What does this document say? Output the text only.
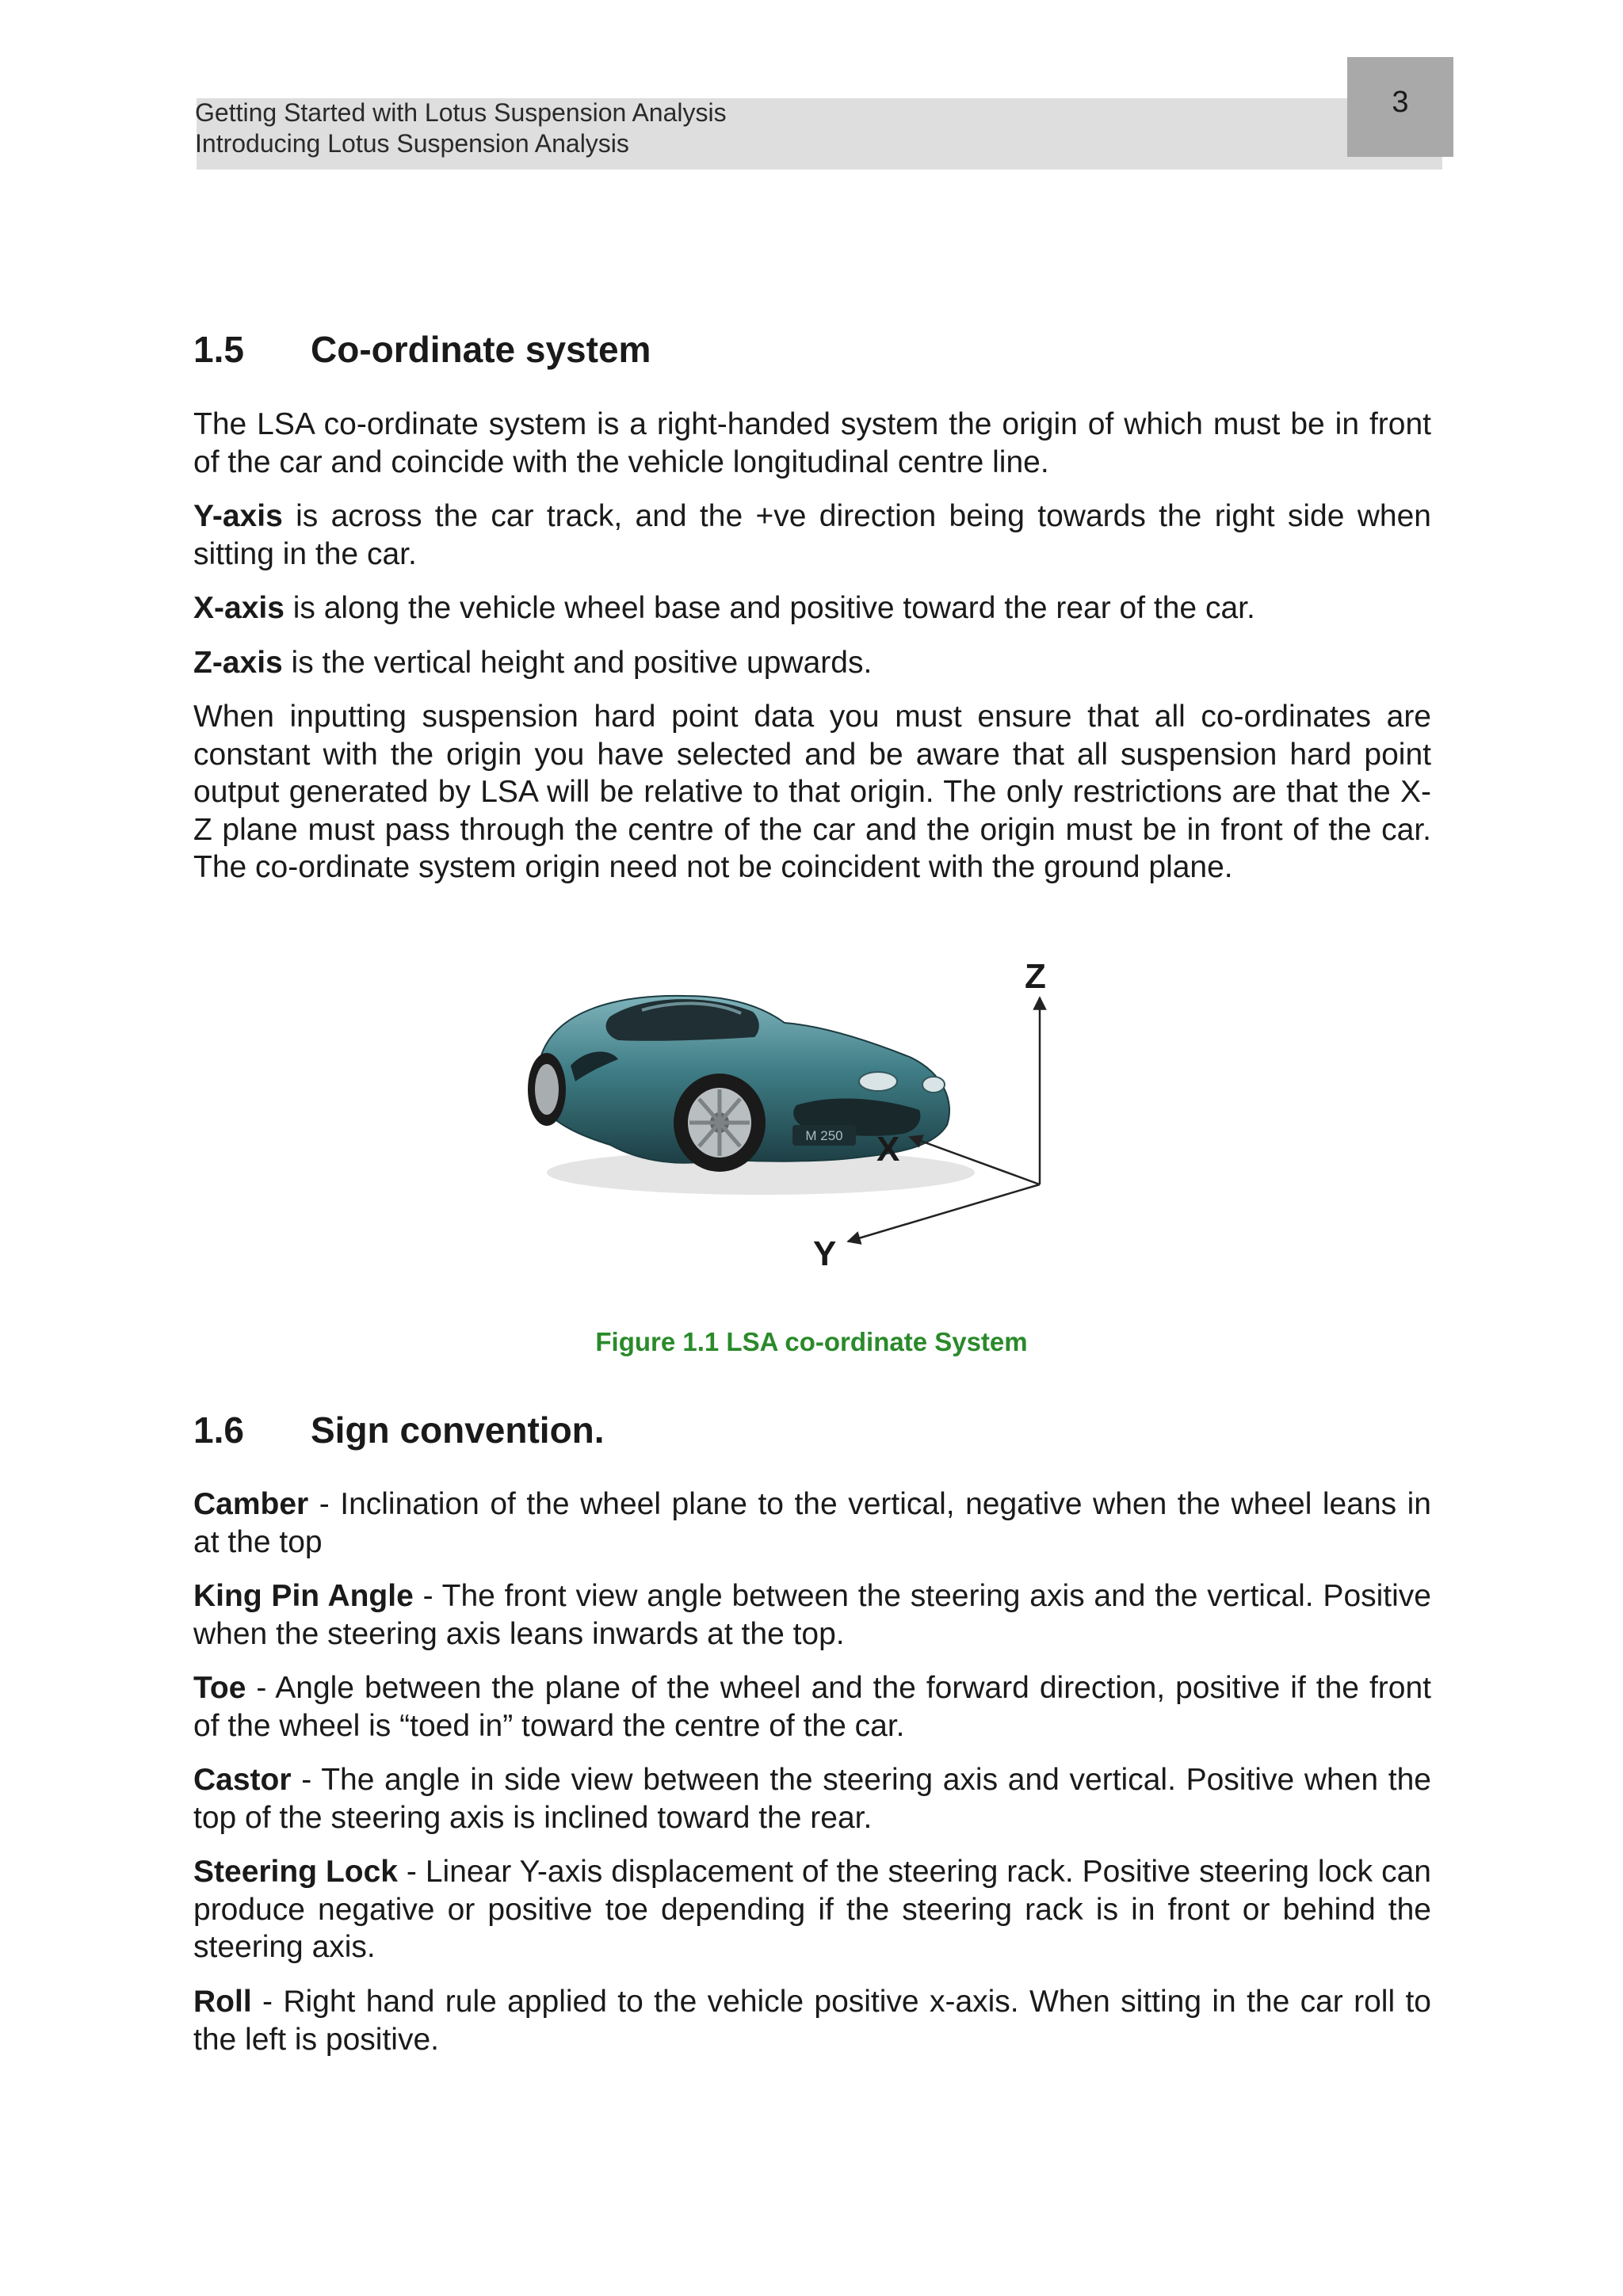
Getting Started with Lotus Suspension Analysis
Introducing Lotus Suspension Analysis
3
1.5 Co-ordinate system

The LSA co-ordinate system is a right-handed system the origin of which must be in front of the car and coincide with the vehicle longitudinal centre line.

Y-axis is across the car track, and the +ve direction being towards the right side when sitting in the car.

X-axis is along the vehicle wheel base and positive toward the rear of the car.

Z-axis is the vertical height and positive upwards.

When inputting suspension hard point data you must ensure that all co-ordinates are constant with the origin you have selected and be aware that all suspension hard point output generated by LSA will be relative to that origin. The only restrictions are that the X-Z plane must pass through the centre of the car and the origin must be in front of the car. The co-ordinate system origin need not be coincident with the ground plane.

M 250
Z
X
Y
Figure 1.1 LSA co-ordinate System
1.6 Sign convention.

Camber - Inclination of the wheel plane to the vertical, negative when the wheel leans in at the top

King Pin Angle - The front view angle between the steering axis and the vertical. Positive when the steering axis leans inwards at the top.

Toe - Angle between the plane of the wheel and the forward direction, positive if the front of the wheel is “toed in” toward the centre of the car.

Castor - The angle in side view between the steering axis and vertical. Positive when the top of the steering axis is inclined toward the rear.

Steering Lock - Linear Y-axis displacement of the steering rack. Positive steering lock can produce negative or positive toe depending if the steering rack is in front or behind the steering axis.

Roll - Right hand rule applied to the vehicle positive x-axis. When sitting in the car roll to the left is positive.
